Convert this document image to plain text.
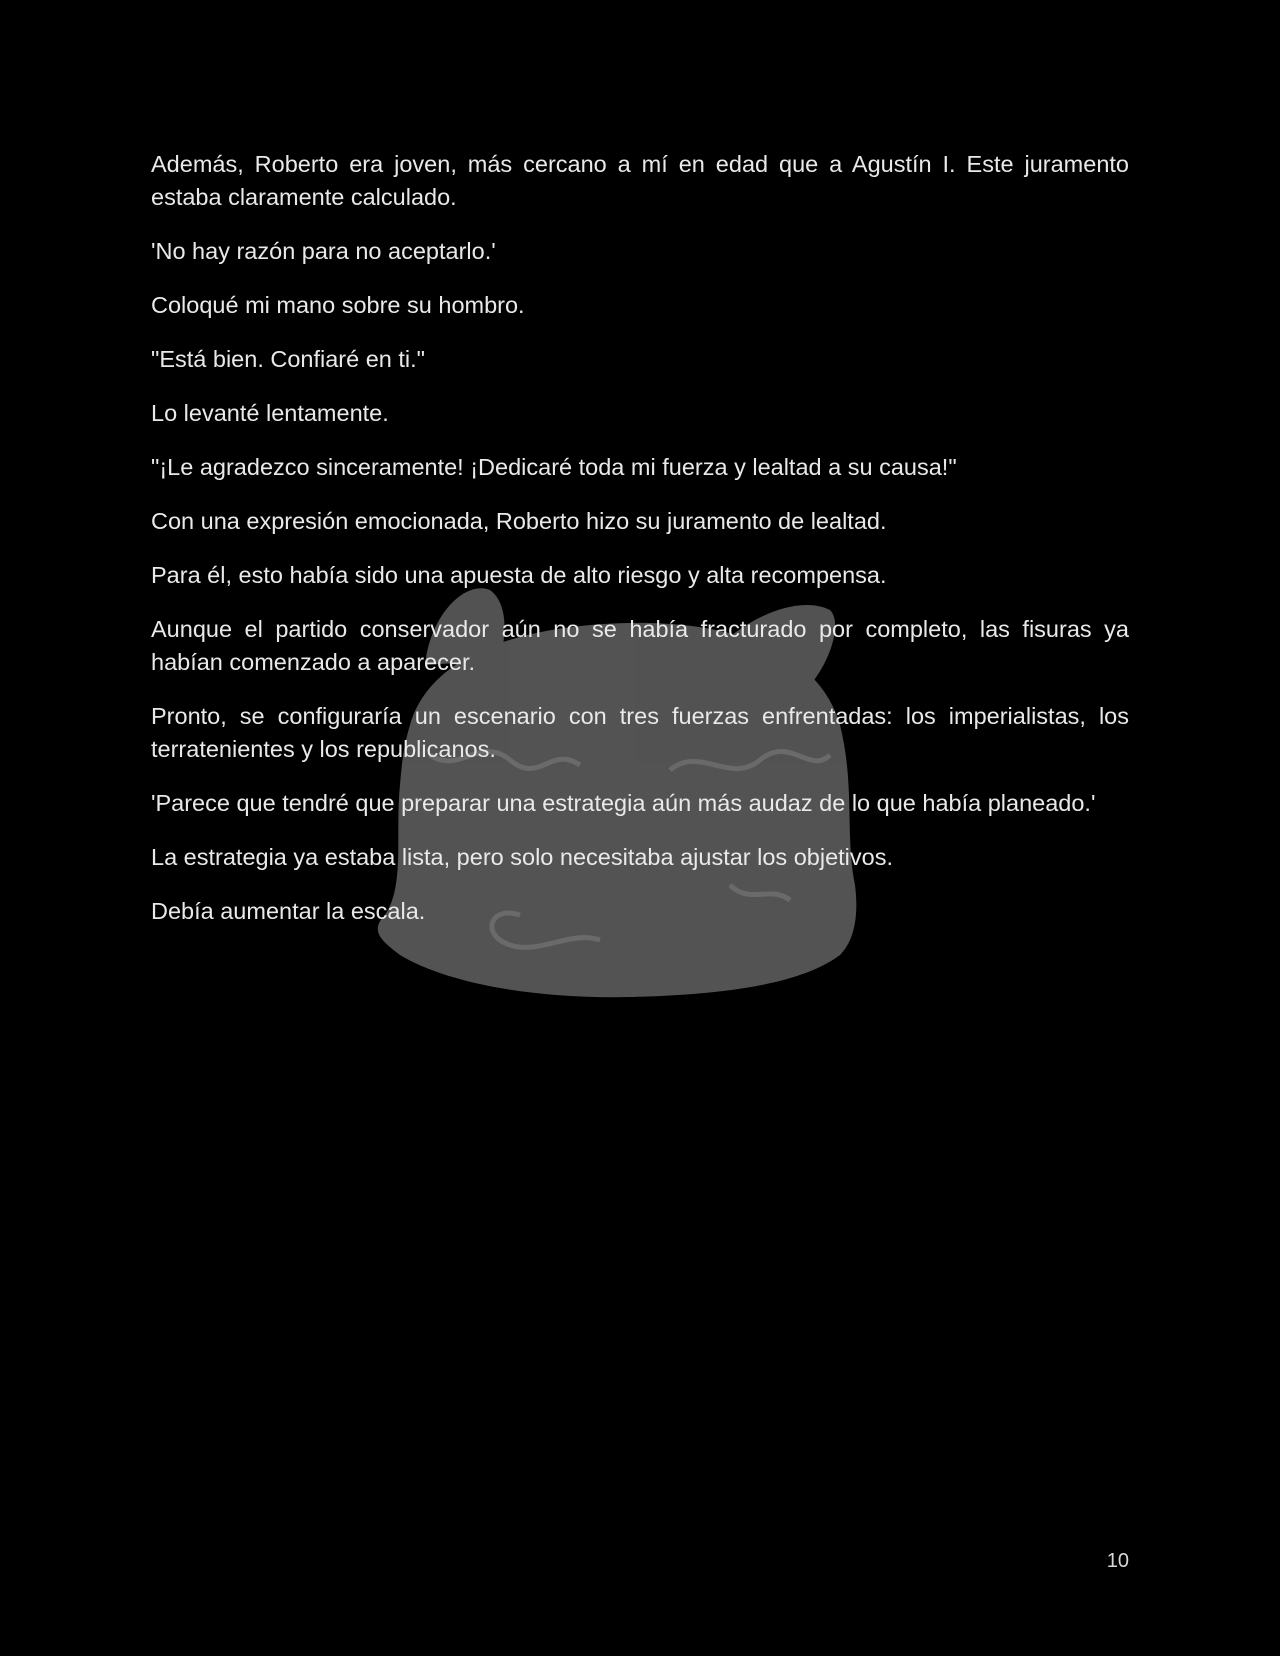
Además, Roberto era joven, más cercano a mí en edad que a Agustín I. Este juramento estaba claramente calculado.

'No hay razón para no aceptarlo.'

Coloqué mi mano sobre su hombro.

"Está bien. Confiaré en ti."

Lo levanté lentamente.

"¡Le agradezco sinceramente! ¡Dedicaré toda mi fuerza y lealtad a su causa!"

Con una expresión emocionada, Roberto hizo su juramento de lealtad.

Para él, esto había sido una apuesta de alto riesgo y alta recompensa.

Aunque el partido conservador aún no se había fracturado por completo, las fisuras ya habían comenzado a aparecer.

Pronto, se configuraría un escenario con tres fuerzas enfrentadas: los imperialistas, los terratenientes y los republicanos.

'Parece que tendré que preparar una estrategia aún más audaz de lo que había planeado.'

La estrategia ya estaba lista, pero solo necesitaba ajustar los objetivos.

Debía aumentar la escala.

10
